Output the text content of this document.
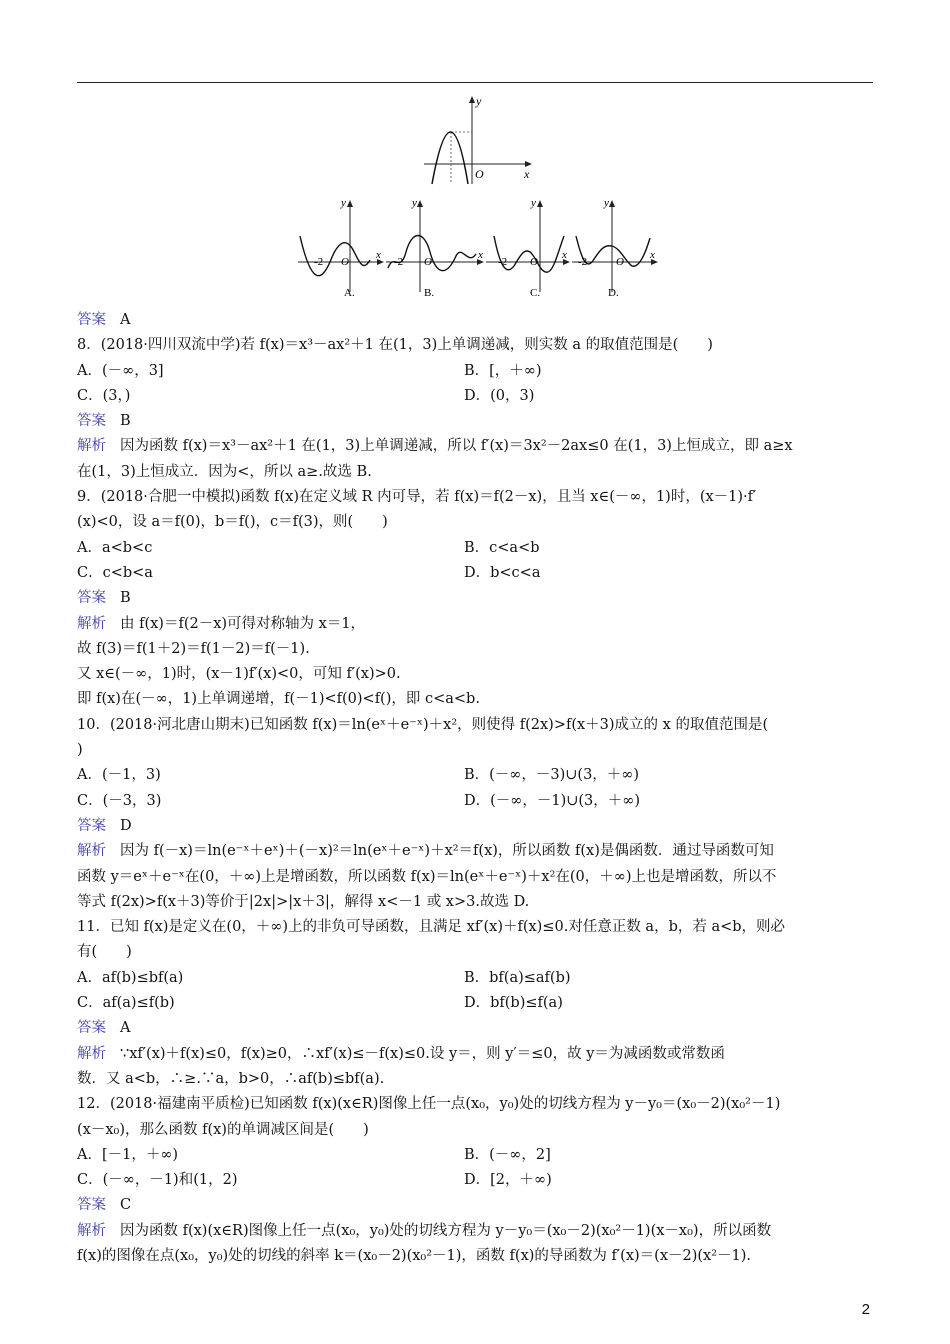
y
x
O
y
x
O
-2
A.
y
x
O
-2
B.
y
x
O
-2
C.
y
x
O
-2
D.
答案 A
8．(2018·四川双流中学)若 f(x)＝x³－ax²＋1 在(1，3)上单调递减，则实数 a 的取值范围是(　　)
A．(－∞，3]	B．[，＋∞)
C．(3，)	D．(0，3)
答案 B
解析 因为函数 f(x)＝x³－ax²＋1 在(1，3)上单调递减，所以 f′(x)＝3x²－2ax≤0 在(1，3)上恒成立，即 a≥x
在(1，3)上恒成立．因为<，所以 a≥.故选 B.
9．(2018·合肥一中模拟)函数 f(x)在定义域 R 内可导，若 f(x)＝f(2－x)，且当 x∈(－∞，1)时，(x－1)·f′
(x)<0，设 a＝f(0)，b＝f()，c＝f(3)，则(　　)
A．a<b<c	B．c<a<b
C．c<b<a	D．b<c<a
答案 B
解析 由 f(x)＝f(2－x)可得对称轴为 x＝1，
故 f(3)＝f(1＋2)＝f(1－2)＝f(－1).
又 x∈(－∞，1)时，(x－1)f′(x)<0，可知 f′(x)>0.
即 f(x)在(－∞，1)上单调递增，f(－1)<f(0)<f()，即 c<a<b.
10．(2018·河北唐山期末)已知函数 f(x)＝ln(eˣ＋e⁻ˣ)＋x²，则使得 f(2x)>f(x＋3)成立的 x 的取值范围是(
)
A．(－1，3)	B．(－∞，－3)∪(3，＋∞)
C．(－3，3)	D．(－∞，－1)∪(3，＋∞)
答案 D
解析 因为 f(－x)＝ln(e⁻ˣ＋eˣ)＋(－x)²＝ln(eˣ＋e⁻ˣ)＋x²＝f(x)，所以函数 f(x)是偶函数．通过导函数可知
函数 y＝eˣ＋e⁻ˣ在(0，＋∞)上是增函数，所以函数 f(x)＝ln(eˣ＋e⁻ˣ)＋x²在(0，＋∞)上也是增函数，所以不
等式 f(2x)>f(x＋3)等价于|2x|>|x＋3|，解得 x<－1 或 x>3.故选 D.
11．已知 f(x)是定义在(0，＋∞)上的非负可导函数，且满足 xf′(x)＋f(x)≤0.对任意正数 a，b，若 a<b，则必
有(　　)
A．af(b)≤bf(a)	B．bf(a)≤af(b)
C．af(a)≤f(b)	D．bf(b)≤f(a)
答案 A
解析 ∵xf′(x)＋f(x)≤0，f(x)≥0，∴xf′(x)≤－f(x)≤0.设 y＝，则 y′＝≤0，故 y＝为减函数或常数函
数．又 a<b，∴≥.∵a，b>0，∴af(b)≤bf(a).
12．(2018·福建南平质检)已知函数 f(x)(x∈R)图像上任一点(x₀，y₀)处的切线方程为 y－y₀＝(x₀－2)(x₀²－1)
(x－x₀)，那么函数 f(x)的单调减区间是(　　)
A．[－1，＋∞)	B．(－∞，2]
C．(－∞，－1)和(1，2)	D．[2，＋∞)
答案 C
解析 因为函数 f(x)(x∈R)图像上任一点(x₀，y₀)处的切线方程为 y－y₀＝(x₀－2)(x₀²－1)(x－x₀)，所以函数
f(x)的图像在点(x₀，y₀)处的切线的斜率 k＝(x₀－2)(x₀²－1)，函数 f(x)的导函数为 f′(x)＝(x－2)(x²－1).
2
